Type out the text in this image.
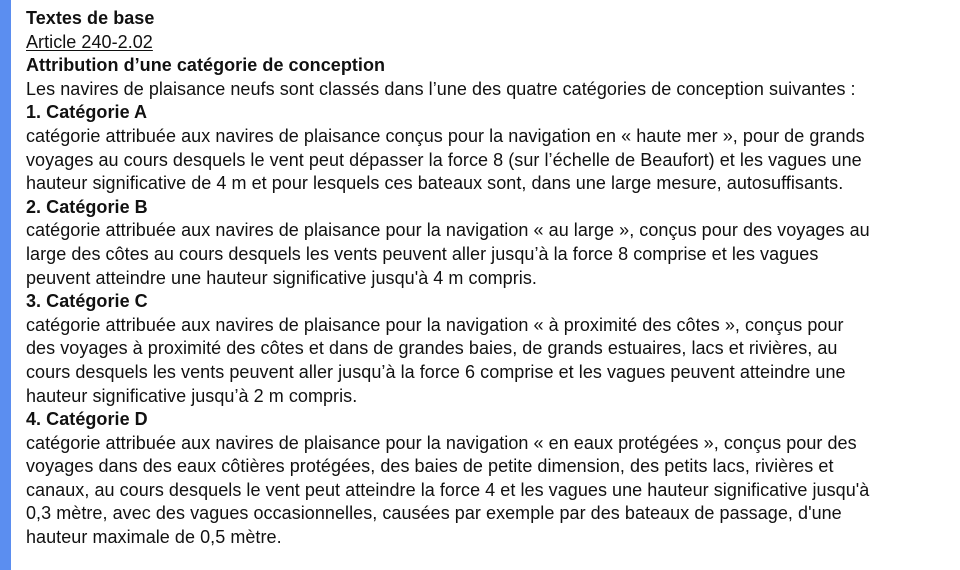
Textes de base
Article 240-2.02
Attribution d’une catégorie de conception
Les navires de plaisance neufs sont classés dans l’une des quatre catégories de conception suivantes :
1. Catégorie A
catégorie attribuée aux navires de plaisance conçus pour la navigation en « haute mer », pour de grands
voyages au cours desquels le vent peut dépasser la force 8 (sur l’échelle de Beaufort) et les vagues une
hauteur significative de 4 m et pour lesquels ces bateaux sont, dans une large mesure, autosuffisants.
2. Catégorie B
catégorie attribuée aux navires de plaisance pour la navigation « au large », conçus pour des voyages au
large des côtes au cours desquels les vents peuvent aller jusqu’à la force 8 comprise et les vagues
peuvent atteindre une hauteur significative jusqu'à 4 m compris.
3. Catégorie C
catégorie attribuée aux navires de plaisance pour la navigation « à proximité des côtes », conçus pour
des voyages à proximité des côtes et dans de grandes baies, de grands estuaires, lacs et rivières, au
cours desquels les vents peuvent aller jusqu’à la force 6 comprise et les vagues peuvent atteindre une
hauteur significative jusqu’à 2 m compris.
4. Catégorie D
catégorie attribuée aux navires de plaisance pour la navigation « en eaux protégées », conçus pour des
voyages dans des eaux côtières protégées, des baies de petite dimension, des petits lacs, rivières et
canaux, au cours desquels le vent peut atteindre la force 4 et les vagues une hauteur significative jusqu'à
0,3 mètre, avec des vagues occasionnelles, causées par exemple par des bateaux de passage, d'une
hauteur maximale de 0,5 mètre.
